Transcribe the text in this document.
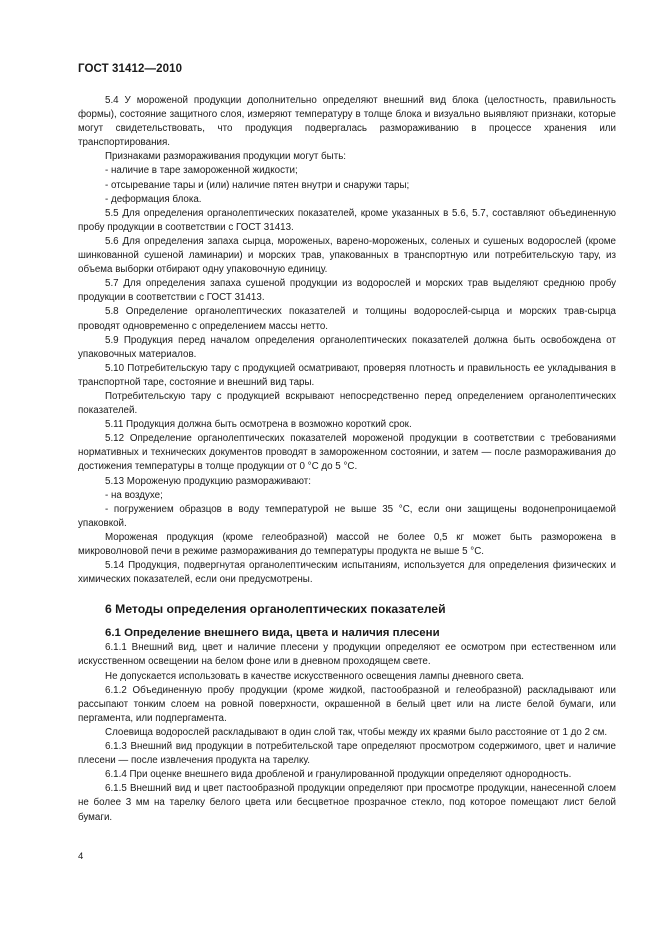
ГОСТ 31412—2010

5.4 У мороженой продукции дополнительно определяют внешний вид блока (целостность, правильность формы), состояние защитного слоя, измеряют температуру в толще блока и визуально выявляют признаки, которые могут свидетельствовать, что продукция подвергалась размораживанию в процессе хранения или транспортирования.

Признаками размораживания продукции могут быть:

- наличие в таре замороженной жидкости;

- отсыревание тары и (или) наличие пятен внутри и снаружи тары;

- деформация блока.

5.5 Для определения органолептических показателей, кроме указанных в 5.6, 5.7, составляют объединенную пробу продукции в соответствии с ГОСТ 31413.

5.6 Для определения запаха сырца, мороженых, варено-мороженых, соленых и сушеных водорослей (кроме шинкованной сушеной ламинарии) и морских трав, упакованных в транспортную или потребительскую тару, из объема выборки отбирают одну упаковочную единицу.

5.7 Для определения запаха сушеной продукции из водорослей и морских трав выделяют среднюю пробу продукции в соответствии с ГОСТ 31413.

5.8 Определение органолептических показателей и толщины водорослей-сырца и морских трав-сырца проводят одновременно с определением массы нетто.

5.9 Продукция перед началом определения органолептических показателей должна быть освобождена от упаковочных материалов.

5.10 Потребительскую тару с продукцией осматривают, проверяя плотность и правильность ее укладывания в транспортной таре, состояние и внешний вид тары.

Потребительскую тару с продукцией вскрывают непосредственно перед определением органолептических показателей.

5.11 Продукция должна быть осмотрена в возможно короткий срок.

5.12 Определение органолептических показателей мороженой продукции в соответствии с требованиями нормативных и технических документов проводят в замороженном состоянии, и затем — после размораживания до достижения температуры в толще продукции от 0 °С до 5 °С.

5.13 Мороженую продукцию размораживают:

- на воздухе;

- погружением образцов в воду температурой не выше 35 °С, если они защищены водонепроницаемой упаковкой.

Мороженая продукция (кроме гелеобразной) массой не более 0,5 кг может быть разморожена в микроволновой печи в режиме размораживания до температуры продукта не выше 5 °С.

5.14 Продукция, подвергнутая органолептическим испытаниям, используется для определения физических и химических показателей, если они предусмотрены.

6 Методы определения органолептических показателей
6.1 Определение внешнего вида, цвета и наличия плесени

6.1.1 Внешний вид, цвет и наличие плесени у продукции определяют ее осмотром при естественном или искусственном освещении на белом фоне или в дневном проходящем свете.

Не допускается использовать в качестве искусственного освещения лампы дневного света.

6.1.2 Объединенную пробу продукции (кроме жидкой, пастообразной и гелеобразной) раскладывают или рассыпают тонким слоем на ровной поверхности, окрашенной в белый цвет или на листе белой бумаги, или пергамента, или подпергамента.

Слоевища водорослей раскладывают в один слой так, чтобы между их краями было расстояние от 1 до 2 см.

6.1.3 Внешний вид продукции в потребительской таре определяют просмотром содержимого, цвет и наличие плесени — после извлечения продукта на тарелку.

6.1.4 При оценке внешнего вида дробленой и гранулированной продукции определяют однородность.

6.1.5 Внешний вид и цвет пастообразной продукции определяют при просмотре продукции, нанесенной слоем не более 3 мм на тарелку белого цвета или бесцветное прозрачное стекло, под которое помещают лист белой бумаги.

4
